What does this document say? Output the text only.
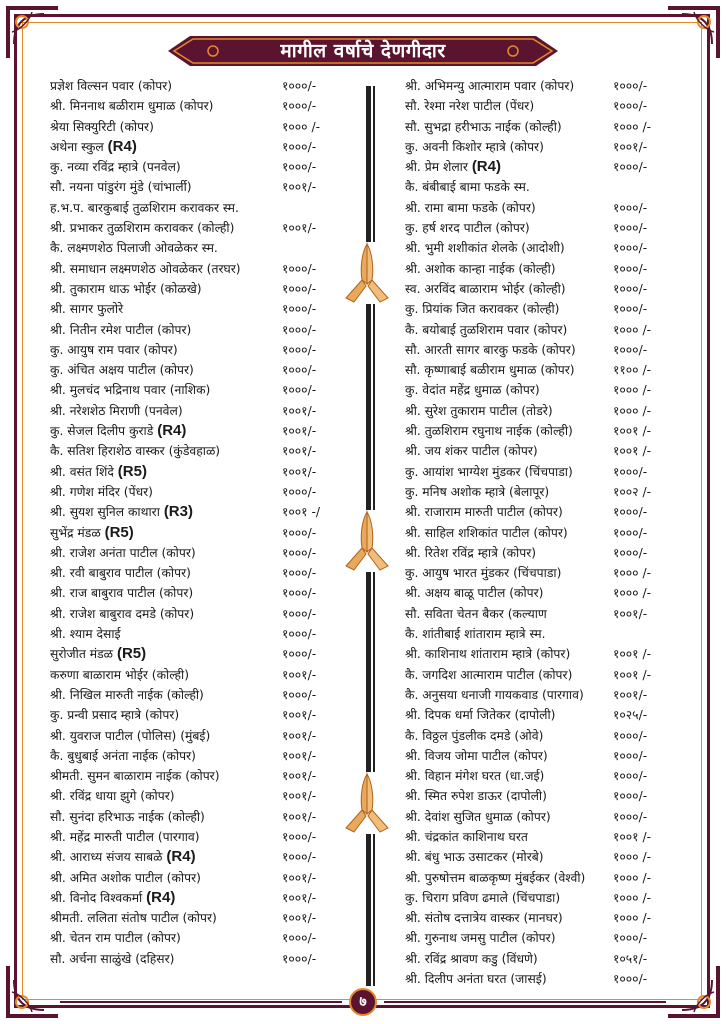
मागील वर्षाचे देणगीदार
प्रज्ञेश विल्सन पवार (कोपर)	१०००/-
श्री. मिननाथ बळीराम धुमाळ (कोपर)	१०००/-
श्रेया सिक्युरिटी (कोपर)	१००० /-
अथेना स्कुल (R4)	१०००/-
कु. नव्या रविंद्र म्हात्रे (पनवेल)	१०००/-
सौ. नयना पांडुरंग मुंडे (चांभार्ली)	१००१/-
ह.भ.प. बारकुबाई तुळशिराम करावकर स्म.
श्री. प्रभाकर तुळशिराम करावकर (कोल्ही)	१००१/-
कै. लक्ष्मणशेठ पिलाजी ओवळेकर स्म.
श्री. समाधान लक्ष्मणशेठ ओवळेकर (तरघर)	१०००/-
श्री. तुकाराम धाऊ भोईर (कोळखे)	१०००/-
श्री. सागर फुलोरे	१०००/-
श्री. नितीन रमेश पाटील (कोपर)	१०००/-
कु. आयुष राम पवार (कोपर)	१०००/-
कु. अंचित अक्षय पाटील (कोपर)	१०००/-
श्री. मुलचंद भद्रिनाथ पवार (नाशिक)	१०००/-
श्री. नरेशशेठ मिराणी (पनवेल)	१००१/-
कु. सेजल दिलीप कुराडे (R4)	१००१/-
कै. सतिश हिराशेठ वास्कर (कुंडेवहाळ)	१००१/-
श्री. वसंत शिंदे (R5)	१००१/-
श्री. गणेश मंदिर (पेंधर)	१०००/-
श्री. सुयश सुनिल काथारा (R3)	१००१ -/
सुभेंद्र मंडळ (R5)	१०००/-
श्री. राजेश अनंता पाटील (कोपर)	१०००/-
श्री. रवी बाबुराव पाटील (कोपर)	१०००/-
श्री. राज बाबुराव पाटील (कोपर)	१०००/-
श्री. राजेश बाबुराव दमडे (कोपर)	१०००/-
श्री. श्याम देसाई	१०००/-
सुरोजीत मंडळ (R5)	१०००/-
करुणा बाळाराम भोईर (कोल्ही)	१००१/-
श्री. निखिल मारुती नाईक (कोल्ही)	१०००/-
कु. प्रन्वी प्रसाद म्हात्रे (कोपर)	१००१/-
श्री. युवराज पाटील (पोलिस) (मुंबई)	१००१/-
कै. बुधुबाई अनंता नाईक (कोपर)	१००१/-
श्रीमती. सुमन बाळाराम नाईक (कोपर)	१००१/-
श्री. रविंद्र धाया झुगे (कोपर)	१००१/-
सौ. सुनंदा हरिभाऊ नाईक (कोल्ही)	१००१/-
श्री. महेंद्र मारुती पाटील (पारगाव)	१०००/-
श्री. आराध्य संजय साबळे (R4)	१०००/-
श्री. अमित अशोक पाटील (कोपर)	१००१/-
श्री. विनोद विश्वकर्मा (R4)	१००१/-
श्रीमती. ललिता संतोष पाटील (कोपर)	१००१/-
श्री. चेतन राम पाटील (कोपर)	१०००/-
सौ. अर्चना साळुंखे (दहिसर)	१०००/-
श्री. अभिमन्यु आत्माराम पवार (कोपर)	१०००/-
सौ. रेश्मा नरेश पाटील (पेंधर)	१०००/-
सौ. सुभद्रा हरीभाऊ नाईक (कोल्ही)	१००० /-
कु. अवनी किशोर म्हात्रे (कोपर)	१००१/-
श्री. प्रेम शेलार (R4)	१०००/-
कै. बंबीबाई बामा फडके स्म.
श्री. रामा बामा फडके (कोपर)	१०००/-
कु. हर्ष शरद पाटील (कोपर)	१०००/-
श्री. भुमी शशीकांत शेलके (आदोशी)	१०००/-
श्री. अशोक कान्हा नाईक (कोल्ही)	१०००/-
स्व. अरविंद बाळाराम भोईर (कोल्ही)	१०००/-
कु. प्रियांक जित करावकर (कोल्ही)	१०००/-
कै. बयोबाई तुळशिराम पवार (कोपर)	१००० /-
सौ. आरती सागर बारकु फडके (कोपर)	१०००/-
सौ. कृष्णाबाई बळीराम धुमाळ (कोपर)	११०० /-
कु. वेदांत महेंद्र धुमाळ (कोपर)	१००० /-
श्री. सुरेश तुकाराम पाटील (तोडरे)	१००० /-
श्री. तुळशिराम रघुनाथ नाईक (कोल्ही)	१००१ /-
श्री. जय शंकर पाटील (कोपर)	१००१ /-
कु. आयांश भाग्येश मुंडकर (चिंचपाडा)	१०००/-
कु. मनिष अशोक म्हात्रे (बेलापूर)	१००२ /-
श्री. राजाराम मारुती पाटील (कोपर)	१०००/-
श्री. साहिल शशिकांत पाटील (कोपर)	१०००/-
श्री. रितेश रविंद्र म्हात्रे (कोपर)	१०००/-
कु. आयुष भारत मुंडकर (चिंचपाडा)	१००० /-
श्री. अक्षय बाळू पाटील (कोपर)	१००० /-
सौ. सविता चेतन बैकर (कल्याण	१००१/-
कै. शांतीबाई शांताराम म्हात्रे स्म.
श्री. काशिनाथ शांताराम म्हात्रे (कोपर)	१००१ /-
कै. जगदिश आत्माराम पाटील (कोपर)	१००१ /-
कै. अनुसया धनाजी गायकवाड (पारगाव) १००१/-
श्री. दिपक धर्मा जितेकर (दापोली)	१०२५/-
कै. विठ्ठल पुंडलीक दमडे (ओवे)	१०००/-
श्री. विजय जोमा पाटील (कोपर)	१०००/-
श्री. विहान मंगेश घरत (धा.जई)	१०००/-
श्री. स्मित रुपेश डाऊर (दापोली)	१०००/-
श्री. देवांश सुजित धुमाळ (कोपर)	१०००/-
श्री. चंद्रकांत काशिनाथ घरत	१००१ /-
श्री. बंधु भाऊ उसाटकर (मोरबे)	१००० /-
श्री. पुरुषोत्तम बाळकृष्ण मुंबईकर (वेश्वी) १००० /-
कु. चिराग प्रविण ढमाले (चिंचपाडा)	१००० /-
श्री. संतोष दत्तात्रेय वास्कर (मानघर)	१००० /-
श्री. गुरुनाथ जमसु पाटील (कोपर)	१०००/-
श्री. रविंद्र श्रावण कडु (विंधणे)	१०५१/-
श्री. दिलीप अनंता घरत (जासई)	१०००/-
७
